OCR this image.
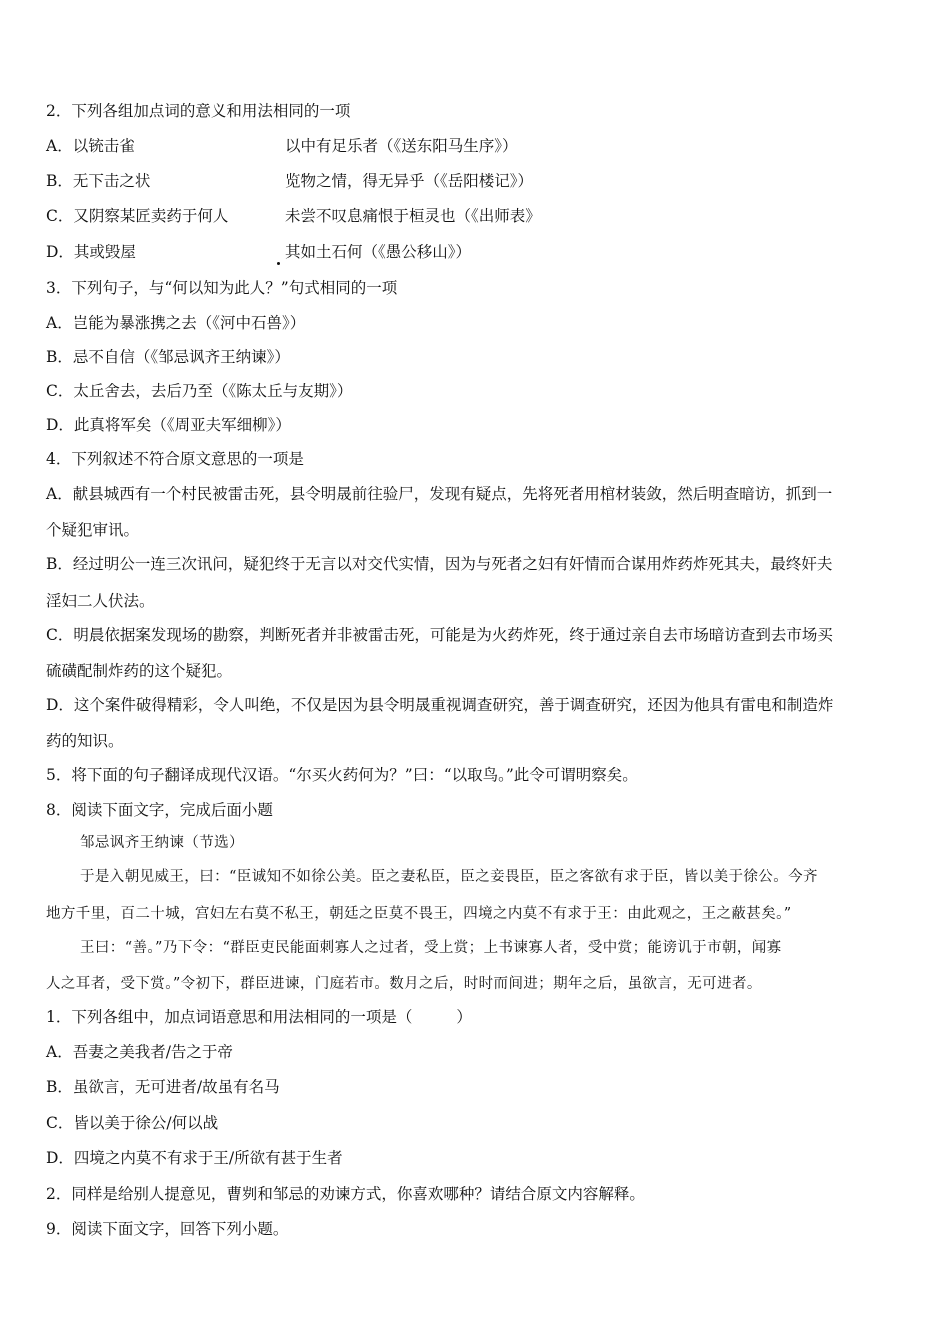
2．下列各组加点词的意义和用法相同的一项
A．以铳击雀	以中有足乐者（《送东阳马生序》）
B．无下击之状	览物之情，得无异乎（《岳阳楼记》）
C．又阴察某匠卖药于何人	未尝不叹息痛恨于桓灵也（《出师表》
D．其或毁屋	其如土石何（《愚公移山》）
3．下列句子，与“何以知为此人？”句式相同的一项
A．岂能为暴涨携之去（《河中石兽》）
B．忌不自信（《邹忌讽齐王纳谏》）
C．太丘舍去，去后乃至（《陈太丘与友期》）
D．此真将军矣（《周亚夫军细柳》）
4．下列叙述不符合原文意思的一项是
A．献县城西有一个村民被雷击死，县令明晟前往验尸，发现有疑点，先将死者用棺材装敛，然后明查暗访，抓到一
个疑犯审讯。
B．经过明公一连三次讯问，疑犯终于无言以对交代实情，因为与死者之妇有奸情而合谋用炸药炸死其夫，最终奸夫
淫妇二人伏法。
C．明晨依据案发现场的勘察，判断死者并非被雷击死，可能是为火药炸死，终于通过亲自去市场暗访查到去市场买
硫磺配制炸药的这个疑犯。
D．这个案件破得精彩，令人叫绝，不仅是因为县令明晟重视调查研究，善于调查研究，还因为他具有雷电和制造炸
药的知识。
5．将下面的句子翻译成现代汉语。“尔买火药何为？”曰：“以取鸟。”此令可谓明察矣。
8．阅读下面文字，完成后面小题
邹忌讽齐王纳谏（节选）
于是入朝见威王，曰：“臣诚知不如徐公美。臣之妻私臣，臣之妾畏臣，臣之客欲有求于臣，皆以美于徐公。今齐
地方千里，百二十城，宫妇左右莫不私王，朝廷之臣莫不畏王，四境之内莫不有求于王：由此观之，王之蔽甚矣。”
王曰：“善。”乃下令：“群臣吏民能面刺寡人之过者，受上赏；上书谏寡人者，受中赏；能谤讥于市朝，闻寡
人之耳者，受下赏。”令初下，群臣进谏，门庭若市。数月之后，时时而间进；期年之后，虽欲言，无可进者。
1．下列各组中，加点词语意思和用法相同的一项是（	）
A．吾妻之美我者/告之于帝
B．虽欲言，无可进者/故虽有名马
C．皆以美于徐公/何以战
D．四境之内莫不有求于王/所欲有甚于生者
2．同样是给别人提意见，曹刿和邹忌的劝谏方式，你喜欢哪种？请结合原文内容解释。
9．阅读下面文字，回答下列小题。
